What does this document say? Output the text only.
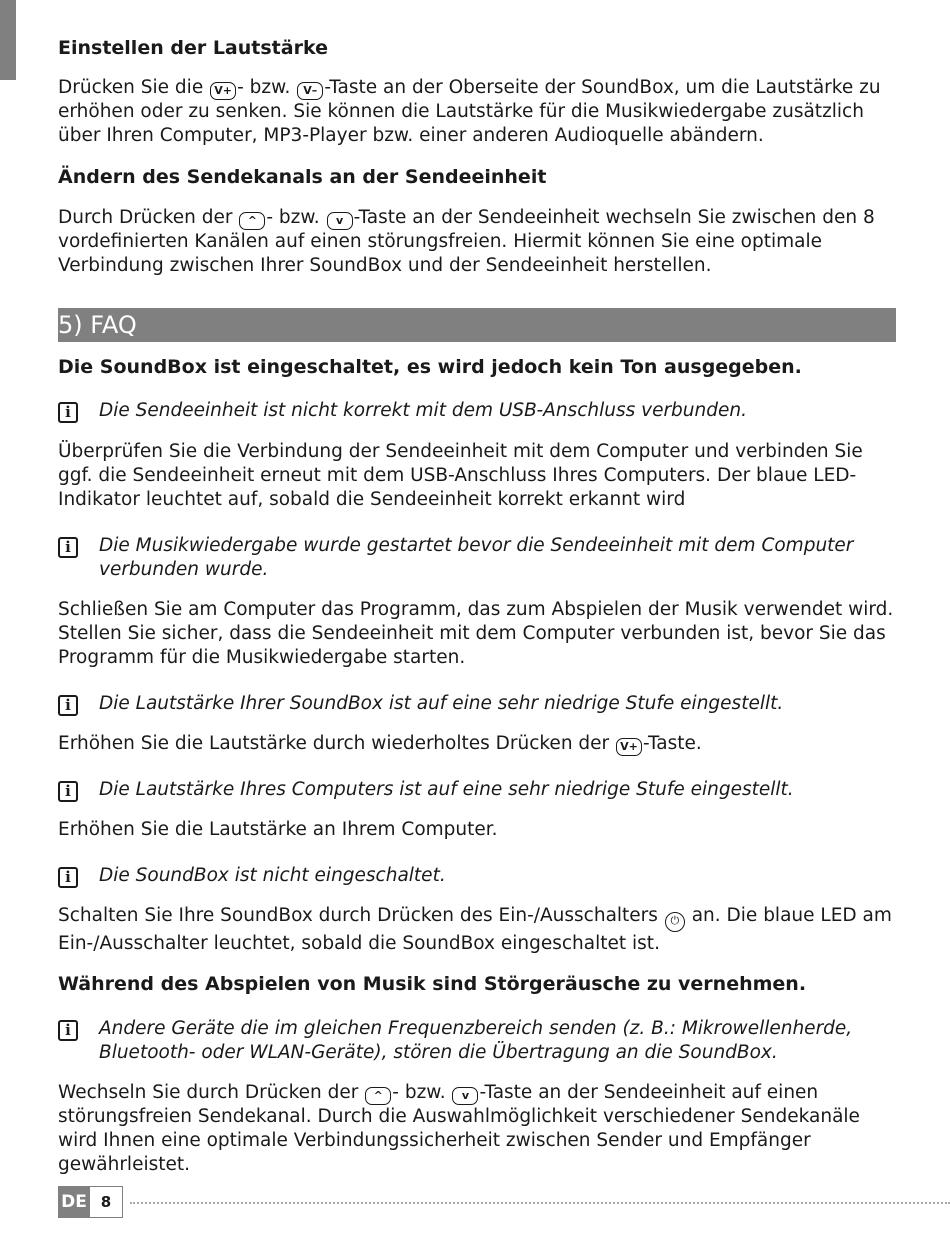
Einstellen der Lautstärke

Drücken Sie die V+ - bzw. V– -Taste an der Oberseite der SoundBox, um die Lautstärke zu erhöhen oder zu senken. Sie können die Lautstärke für die Musikwiedergabe zusätzlich über Ihren Computer, MP3-Player bzw. einer anderen Audioquelle abändern.

Ändern des Sendekanals an der Sendeeinheit

Durch Drücken der ^ - bzw. v -Taste an der Sendeeinheit wechseln Sie zwischen den 8 vordefinierten Kanälen auf einen störungsfreien. Hiermit können Sie eine optimale Verbindung zwischen Ihrer SoundBox und der Sendeeinheit herstellen.

5) FAQ
Die SoundBox ist eingeschaltet, es wird jedoch kein Ton ausgegeben.
i	Die Sendeeinheit ist nicht korrekt mit dem USB-Anschluss verbunden.

Überprüfen Sie die Verbindung der Sendeeinheit mit dem Computer und verbinden Sie ggf. die Sendeeinheit erneut mit dem USB-Anschluss Ihres Computers. Der blaue LED-Indikator leuchtet auf, sobald die Sendeeinheit korrekt erkannt wird

i	Die Musikwiedergabe wurde gestartet bevor die Sendeeinheit mit dem Computer verbunden wurde.

Schließen Sie am Computer das Programm, das zum Abspielen der Musik verwendet wird. Stellen Sie sicher, dass die Sendeeinheit mit dem Computer verbunden ist, bevor Sie das Programm für die Musikwiedergabe starten.

i	Die Lautstärke Ihrer SoundBox ist auf eine sehr niedrige Stufe eingestellt.

Erhöhen Sie die Lautstärke durch wiederholtes Drücken der V+ -Taste.

i	Die Lautstärke Ihres Computers ist auf eine sehr niedrige Stufe eingestellt.

Erhöhen Sie die Lautstärke an Ihrem Computer.

i	Die SoundBox ist nicht eingeschaltet.

Schalten Sie Ihre SoundBox durch Drücken des Ein-/Ausschalters ⏻ an. Die blaue LED am Ein-/Ausschalter leuchtet, sobald die SoundBox eingeschaltet ist.

Während des Abspielen von Musik sind Störgeräusche zu vernehmen.
i	Andere Geräte die im gleichen Frequenzbereich senden (z. B.: Mikrowellenherde, Bluetooth- oder WLAN-Geräte), stören die Übertragung an die SoundBox.

Wechseln Sie durch Drücken der ^ - bzw. v -Taste an der Sendeeinheit auf einen störungsfreien Sendekanal. Durch die Auswahlmöglichkeit verschiedener Sendekanäle wird Ihnen eine optimale Verbindungssicherheit zwischen Sender und Empfänger gewährleistet.

DE 8
